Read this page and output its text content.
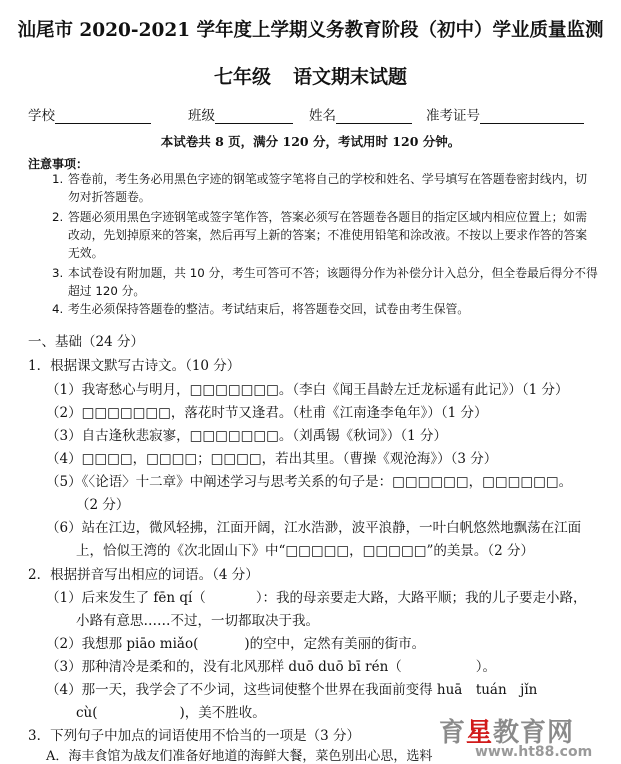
汕尾市 2020-2021 学年度上学期义务教育阶段（初中）学业质量监测
七年级 语文期末试题
学校	班级	姓名	准考证号
本试卷共 8 页，满分 120 分，考试用时 120 分钟。
注意事项：
1. 答卷前，考生务必用黑色字迹的钢笔或签字笔将自己的学校和姓名、学号填写在答题卷密封线内，切勿对折答题卷。
2. 答题必须用黑色字迹钢笔或签字笔作答，答案必须写在答题卷各题目的指定区域内相应位置上；如需改动，先划掉原来的答案，然后再写上新的答案；不准使用铅笔和涂改液。不按以上要求作答的答案无效。
3. 本试卷设有附加题，共 10 分，考生可答可不答；该题得分作为补偿分计入总分，但全卷最后得分不得超过 120 分。
4. 考生必须保持答题卷的整洁。考试结束后，将答题卷交回，试卷由考生保管。
一、基础（24 分）
1．根据课文默写古诗文。（10 分）
（1）我寄愁心与明月，□□□□□□□。（李白《闻王昌龄左迁龙标遥有此记》）（1 分）
（2）□□□□□□□，落花时节又逢君。（杜甫《江南逢李龟年》）（1 分）
（3）自古逢秋悲寂寥，□□□□□□□。（刘禹锡《秋词》）（1 分）
（4）□□□□，□□□□；□□□□，若出其里。（曹操《观沧海》）（3 分）
（5）《〈论语〉十二章》中阐述学习与思考关系的句子是：□□□□□□，□□□□□□。
（2 分）
（6）站在江边，微风轻拂，江面开阔，江水浩渺，波平浪静，一叶白帆悠然地飘荡在江面
上，恰似王湾的《次北固山下》中“□□□□□，□□□□□”的美景。（2 分）
2．根据拼音写出相应的词语。（4 分）
（1）后来发生了 fēn qí（	）：我的母亲要走大路，大路平顺；我的儿子要走小路，
小路有意思……不过，一切都取决于我。
（2）我想那 piāo miǎo(	)的空中，定然有美丽的街市。
（3）那种清冷是柔和的，没有北风那样 duō duō bī rén（	）。
（4）那一天，我学会了不少词，这些词使整个世界在我面前变得 huā　tuán　jǐn
cù(	)，美不胜收。
3．下列句子中加点的词语使用不恰当的一项是（3 分）
A．海丰食馆为战友们准备好地道的海鲜大餐，菜色别出心思，选料
育星教育网
www.ht88.com
